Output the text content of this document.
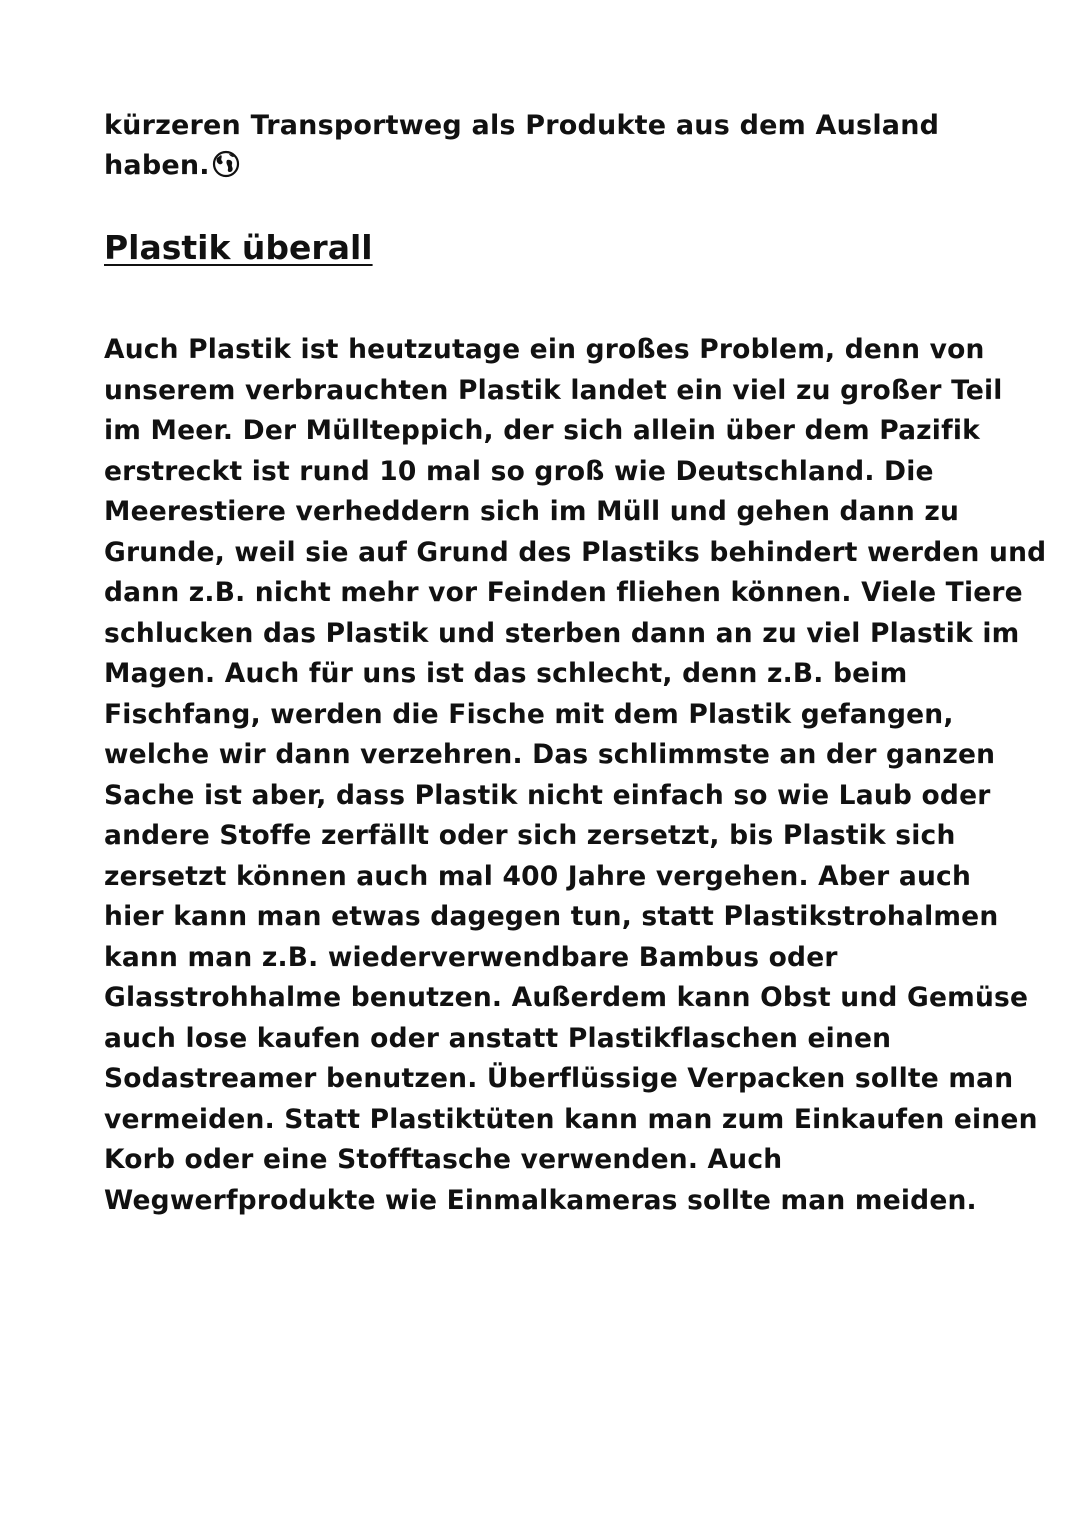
kürzeren Transportweg als Produkte aus dem Ausland
haben.
Plastik überall
Auch Plastik ist heutzutage ein großes Problem, denn von
unserem verbrauchten Plastik landet ein viel zu großer Teil
im Meer. Der Müllteppich, der sich allein über dem Pazifik
erstreckt ist rund 10 mal so groß wie Deutschland. Die
Meerestiere verheddern sich im Müll und gehen dann zu
Grunde, weil sie auf Grund des Plastiks behindert werden und
dann z.B. nicht mehr vor Feinden fliehen können. Viele Tiere
schlucken das Plastik und sterben dann an zu viel Plastik im
Magen. Auch für uns ist das schlecht, denn z.B. beim
Fischfang, werden die Fische mit dem Plastik gefangen,
welche wir dann verzehren. Das schlimmste an der ganzen
Sache ist aber, dass Plastik nicht einfach so wie Laub oder
andere Stoffe zerfällt oder sich zersetzt, bis Plastik sich
zersetzt können auch mal 400 Jahre vergehen. Aber auch
hier kann man etwas dagegen tun, statt Plastikstrohalmen
kann man z.B. wiederverwendbare Bambus oder
Glasstrohhalme benutzen. Außerdem kann Obst und Gemüse
auch lose kaufen oder anstatt Plastikflaschen einen
Sodastreamer benutzen. Überflüssige Verpacken sollte man
vermeiden. Statt Plastiktüten kann man zum Einkaufen einen
Korb oder eine Stofftasche verwenden. Auch
Wegwerfprodukte wie Einmalkameras sollte man meiden.
